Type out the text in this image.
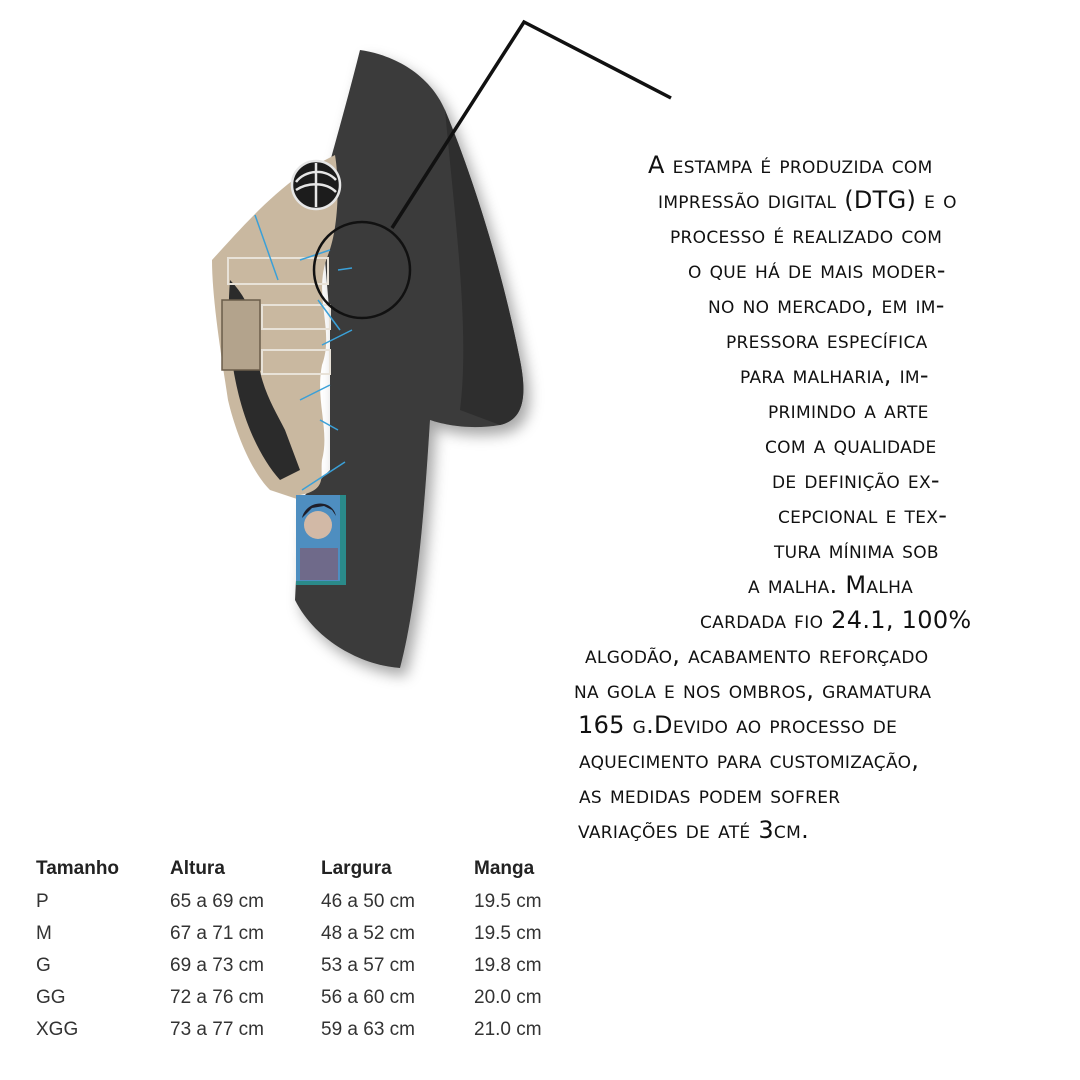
A estampa é produzida com
impressão digital (DTG) e o
processo é realizado com
o que há de mais moder-
no no mercado, em im-
pressora específica
para malharia, im-
primindo a arte
com a qualidade
de definição ex-
cepcional e tex-
tura mínima sob
a malha. Malha
cardada fio 24.1, 100%
algodão, acabamento reforçado
na gola e nos ombros, gramatura
165 g.Devido ao processo de
aquecimento para customização,
as medidas podem sofrer
variações de até 3cm.
Tamanho	Altura	Largura	Manga
P	65 a 69 cm	46 a 50 cm	19.5 cm
M	67 a 71 cm	48 a 52 cm	19.5 cm
G	69 a 73 cm	53 a 57 cm	19.8 cm
GG	72 a 76 cm	56 a 60 cm	20.0 cm
XGG	73 a 77 cm	59 a 63 cm	21.0 cm
